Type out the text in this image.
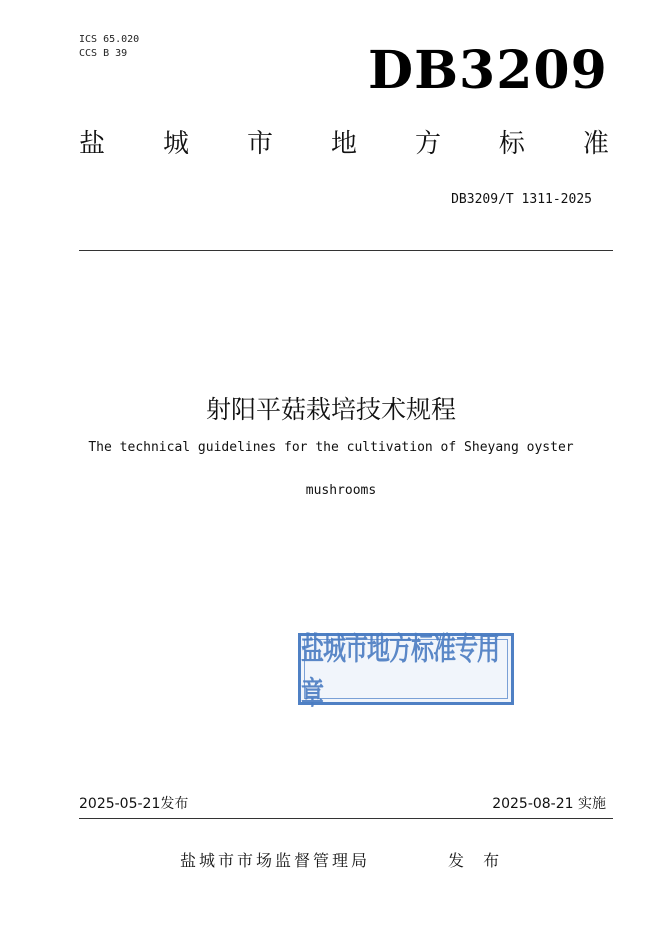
ICS 65.020
CCS B 39	DB3209
盐 城 市 地 方 标 准
DB3209/T 1311-2025
射阳平菇栽培技术规程
The technical guidelines for the cultivation of Sheyang oyster
mushrooms
盐城市地方标准专用章
2025-05-21发布	2025-08-21 实施
盐城市市场监督管理局	发 布
